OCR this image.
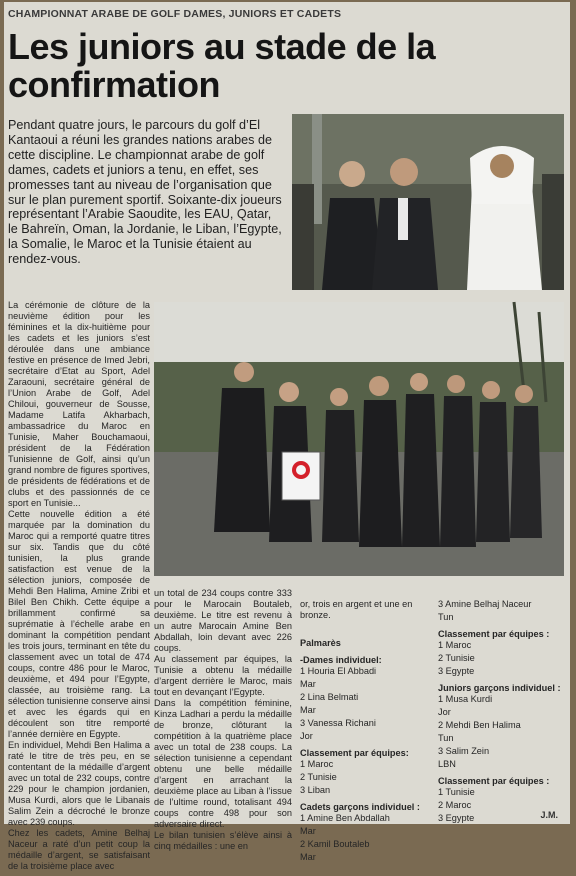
CHAMPIONNAT ARABE DE GOLF DAMES, JUNIORS ET CADETS
Les juniors au stade de la confirmation
Pendant quatre jours, le parcours du golf d’El Kantaoui a réuni les grandes nations arabes de cette discipline. Le championnat arabe de golf dames, cadets et juniors a tenu, en effet, ses promesses tant au niveau de l’organisation que sur le plan purement sportif. Soixante-dix joueurs représentant l’Arabie Saoudite, les EAU, Qatar, le Bahreïn, Oman, la Jordanie, le Liban, l’Egypte, la Somalie, le Maroc et la Tunisie étaient au rendez-vous.
La cérémonie de clôture de la neuvième édition pour les féminines et la dix-huitième pour les cadets et les juniors s’est déroulée dans une ambiance festive en présence de Imed Jebri, secrétaire d’Etat au Sport, Adel Zaraouni, secrétaire général de l’Union Arabe de Golf, Adel Chiloui, gouverneur de Sousse, Madame Latifa Akharbach, ambassadrice du Maroc en Tunisie, Maher Bouchamaoui, président de la Fédération Tunisienne de Golf, ainsi qu’un grand nombre de figures sportives, de présidents de fédérations et de clubs et des passionnés de ce sport en Tunisie...
Cette nouvelle édition a été marquée par la domination du Maroc qui a remporté quatre titres sur six. Tandis que du côté tunisien, la plus grande satisfaction est venue de la sélection juniors, composée de Mehdi Ben Halima, Amine Zribi et Bilel Ben Chikh. Cette équipe a brillamment confirmé sa suprématie à l’échelle arabe en dominant la compétition pendant les trois jours, terminant en tête du classement avec un total de 474 coups, contre 486 pour le Maroc, deuxième, et 494 pour l’Egypte, classée, au troisième rang. La sélection tunisienne conserve ainsi et avec les égards qui en découlent son titre remporté l’année dernière en Egypte.
En individuel, Mehdi Ben Halima a raté le titre de très peu, en se contentant de la médaille d’argent avec un total de 232 coups, contre 229 pour le champion jordanien, Musa Kurdi, alors que le Libanais Salim Zein a décroché le bronze avec 239 coups.
Chez les cadets, Amine Belhaj Naceur a raté d’un petit coup la médaille d’argent, se satisfaisant de la troisième place avec
un total de 234 coups contre 333 pour le Marocain Boutaleb, deuxième. Le titre est revenu à un autre Marocain Amine Ben Abdallah, loin devant avec 226 coups.
Au classement par équipes, la Tunisie a obtenu la médaille d’argent derrière le Maroc, mais tout en devançant l’Egypte.
Dans la compétition féminine, Kinza Ladhari a perdu la médaille de bronze, clôturant la compétition à la quatrième place avec un total de 238 coups. La sélection tunisienne a cependant obtenu une belle médaille d’argent en arrachant la deuxième place au Liban à l’issue de l’ultime round, totalisant 494 coups contre 498 pour son adversaire direct.
Le bilan tunisien s’élève ainsi à cinq médailles : une en

or, trois en argent et une en bronze.

Palmarès
-Dames individuel:
1 Houria El Abbadi
Mar
2 Lina Belmati
Mar
3 Vanessa Richani
Jor
Classement par équipes:
1 Maroc
2 Tunisie
3 Liban
Cadets garçons individuel :
1 Amine Ben Abdallah
Mar
2 Kamil Boutaleb
Mar

3 Amine Belhaj Naceur
Tun
Classement par équipes :
1 Maroc
2 Tunisie
3 Egypte
Juniors garçons individuel :
1 Musa Kurdi
Jor
2 Mehdi Ben Halima
Tun
3 Salim Zein
LBN
Classement par équipes :
1 Tunisie
2 Maroc
3 Egypte	J.M.
